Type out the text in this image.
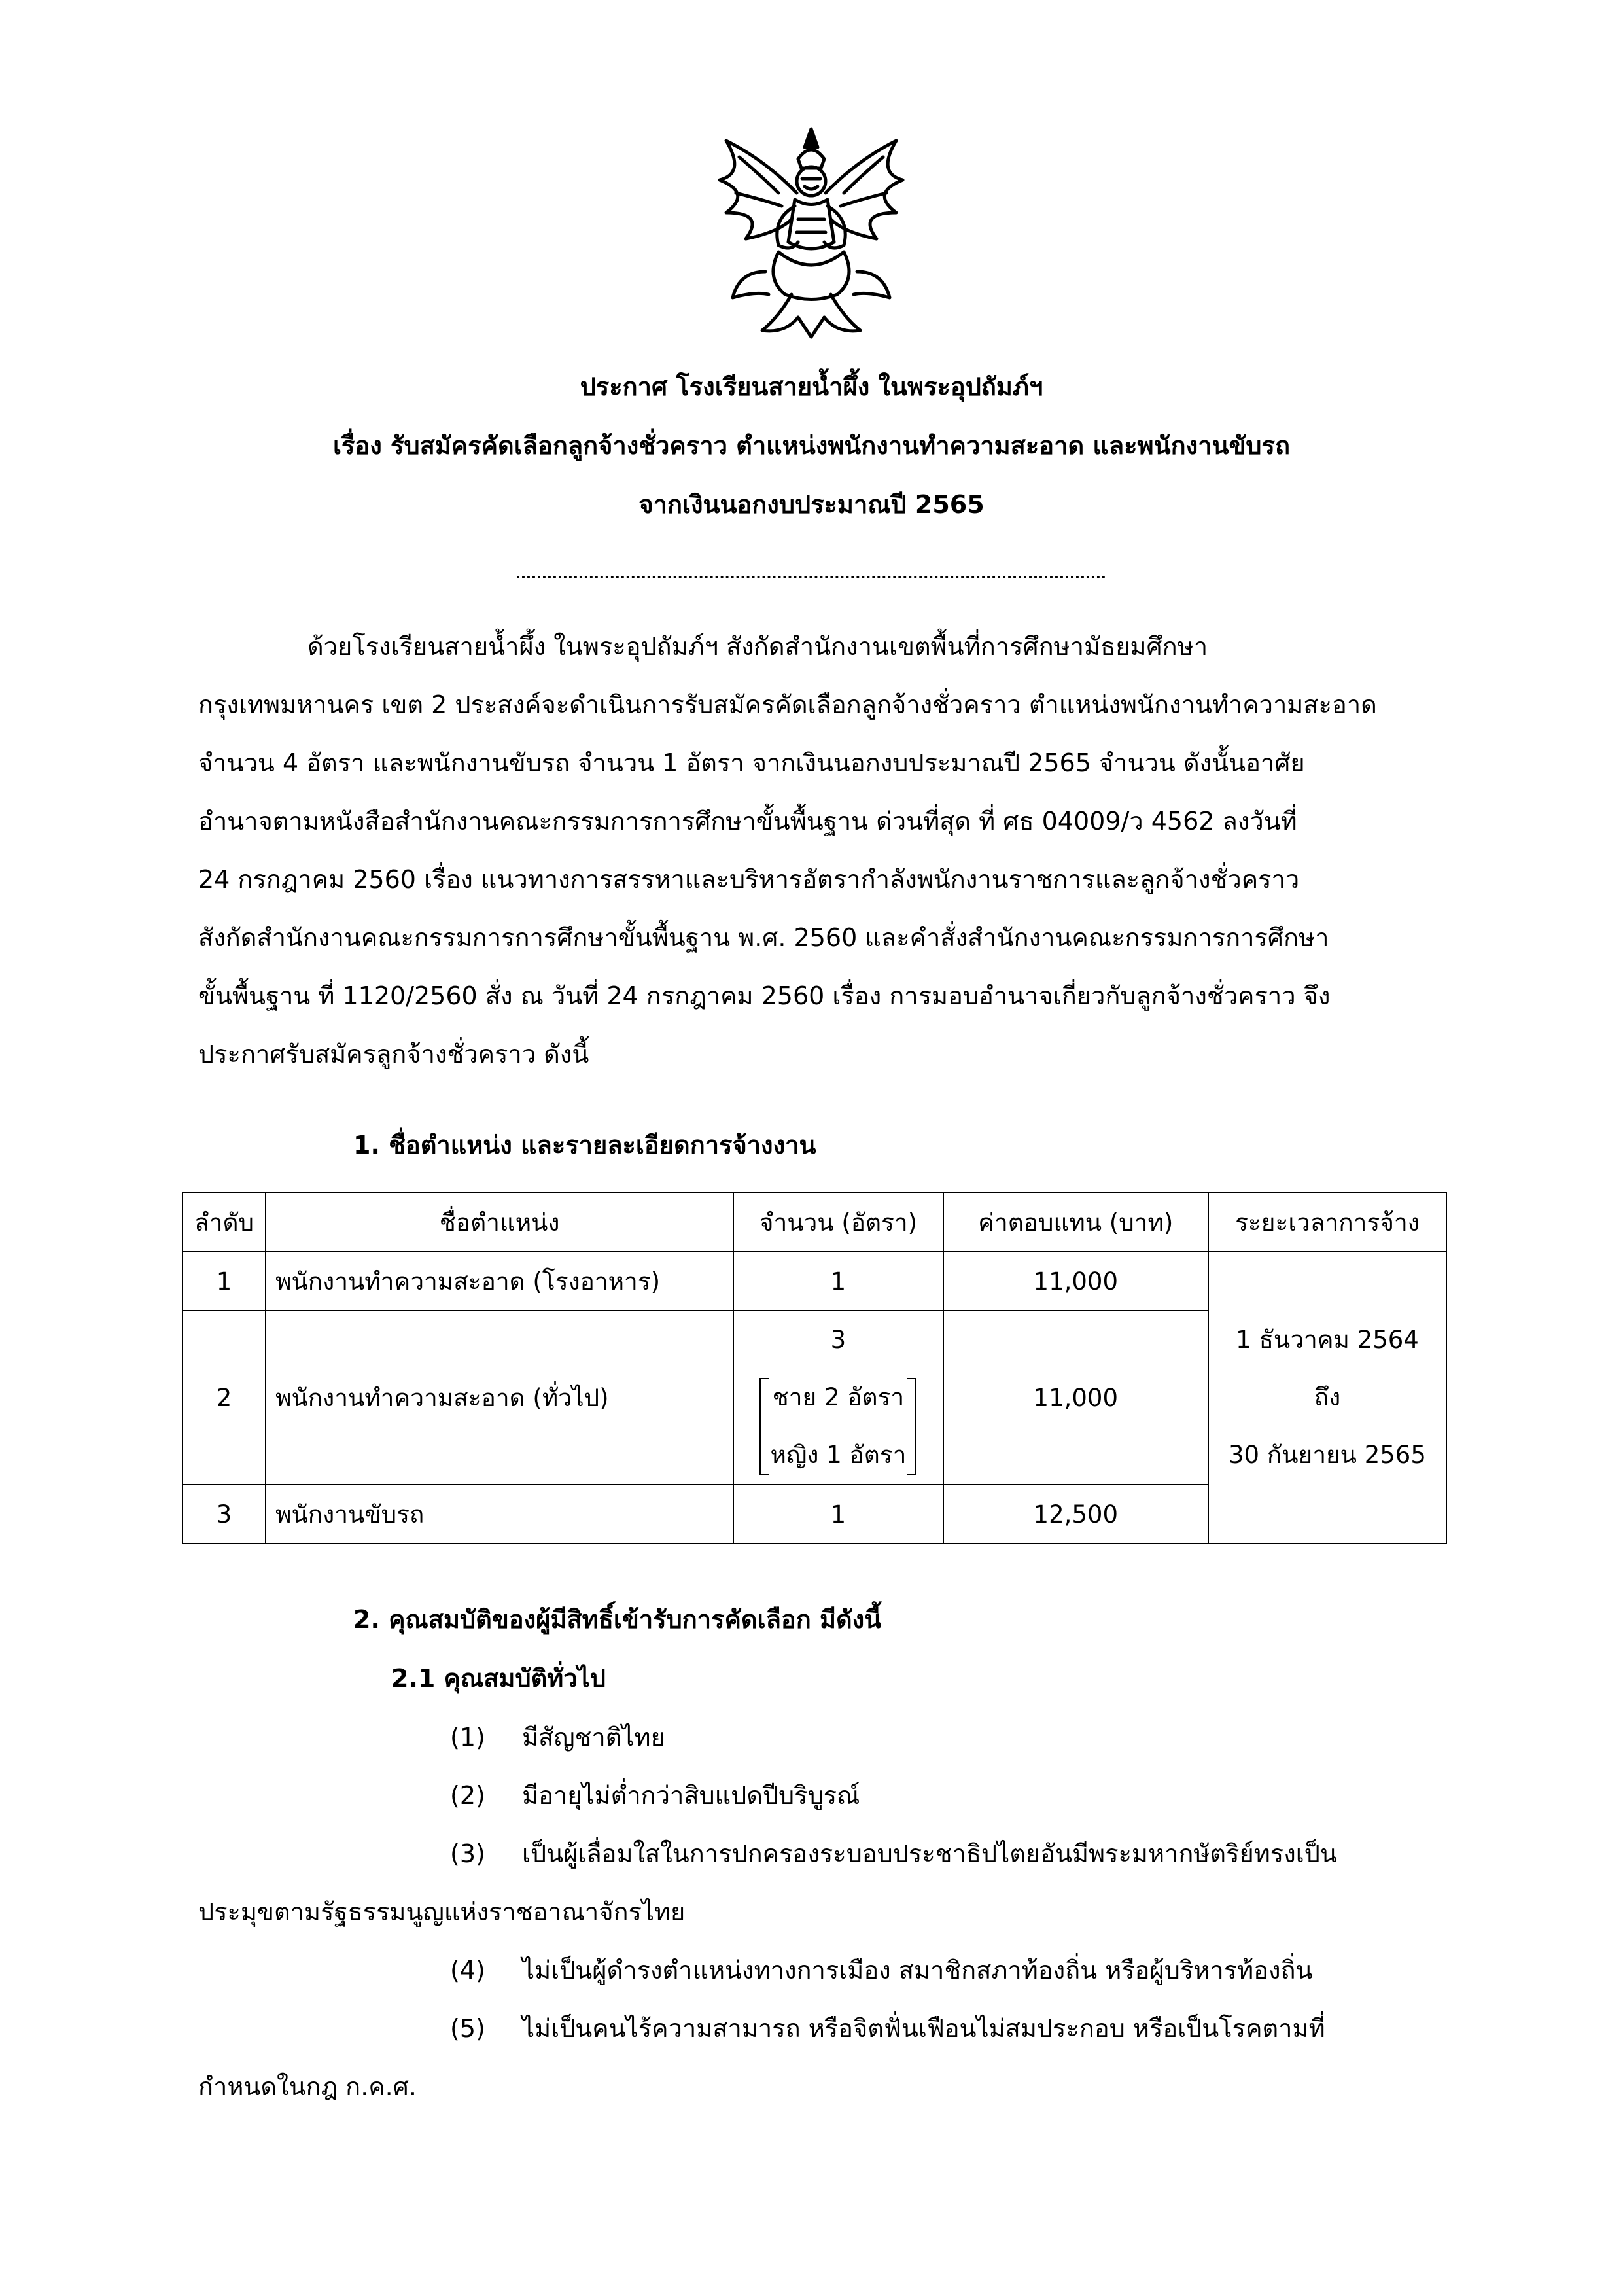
ประกาศ โรงเรียนสายน้ำผึ้ง ในพระอุปถัมภ์ฯ
เรื่อง รับสมัครคัดเลือกลูกจ้างชั่วคราว ตำแหน่งพนักงานทำความสะอาด และพนักงานขับรถ
จากเงินนอกงบประมาณปี 2565
ด้วยโรงเรียนสายน้ำผึ้ง ในพระอุปถัมภ์ฯ สังกัดสำนักงานเขตพื้นที่การศึกษามัธยมศึกษา
กรุงเทพมหานคร เขต 2 ประสงค์จะดำเนินการรับสมัครคัดเลือกลูกจ้างชั่วคราว ตำแหน่งพนักงานทำความสะอาด
จำนวน 4 อัตรา และพนักงานขับรถ จำนวน 1 อัตรา จากเงินนอกงบประมาณปี 2565 จำนวน ดังนั้นอาศัย
อำนาจตามหนังสือสำนักงานคณะกรรมการการศึกษาขั้นพื้นฐาน ด่วนที่สุด ที่ ศธ 04009/ว 4562 ลงวันที่
24 กรกฎาคม 2560 เรื่อง แนวทางการสรรหาและบริหารอัตรากำลังพนักงานราชการและลูกจ้างชั่วคราว
สังกัดสำนักงานคณะกรรมการการศึกษาขั้นพื้นฐาน พ.ศ. 2560 และคำสั่งสำนักงานคณะกรรมการการศึกษา
ขั้นพื้นฐาน ที่ 1120/2560 สั่ง ณ วันที่ 24 กรกฎาคม 2560 เรื่อง การมอบอำนาจเกี่ยวกับลูกจ้างชั่วคราว จึง
ประกาศรับสมัครลูกจ้างชั่วคราว ดังนี้
1. ชื่อตำแหน่ง และรายละเอียดการจ้างงาน
ลำดับ	ชื่อตำแหน่ง	จำนวน (อัตรา)	ค่าตอบแทน (บาท)	ระยะเวลาการจ้าง
1	พนักงานทำความสะอาด (โรงอาหาร)	1	11,000	1 ธันวาคม 2564
ถึง
30 กันยายน 2565

2	พนักงานทำความสะอาด (ทั่วไป)	3
ชาย 2 อัตรา
หญิง 1 อัตรา	11,000	
3	พนักงานขับรถ	1	12,500	
2. คุณสมบัติของผู้มีสิทธิ์เข้ารับการคัดเลือก มีดังนี้
2.1 คุณสมบัติทั่วไป
(1) มีสัญชาติไทย
(2) มีอายุไม่ต่ำกว่าสิบแปดปีบริบูรณ์
(3) เป็นผู้เลื่อมใสในการปกครองระบอบประชาธิปไตยอันมีพระมหากษัตริย์ทรงเป็น
ประมุขตามรัฐธรรมนูญแห่งราชอาณาจักรไทย
(4) ไม่เป็นผู้ดำรงตำแหน่งทางการเมือง สมาชิกสภาท้องถิ่น หรือผู้บริหารท้องถิ่น
(5) ไม่เป็นคนไร้ความสามารถ หรือจิตฟั่นเฟือนไม่สมประกอบ หรือเป็นโรคตามที่
กำหนดในกฎ ก.ค.ศ.
